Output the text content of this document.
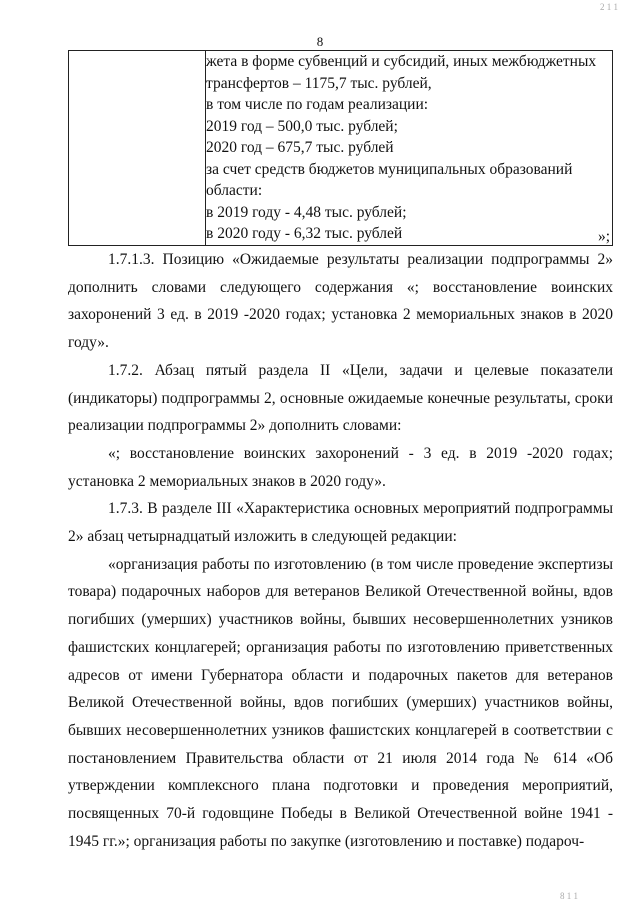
2 1 1
8

жета в форме субвенций и субсидий, иных межбюджетных
трансфертов – 1175,7 тыс. рублей,
в том числе по годам реализации:
2019 год – 500,0 тыс. рублей;
2020 год – 675,7 тыс. рублей
за счет средств бюджетов муниципальных образований
области:
в 2019 году - 4,48 тыс. рублей;
в 2020 году - 6,32 тыс. рублей	»;

1.7.1.3. Позицию «Ожидаемые результаты реализации подпрограммы 2» дополнить словами следующего содержания «; восстановление воинских захоронений 3 ед. в 2019 -2020 годах; установка 2 мемориальных знаков в 2020 году».

1.7.2. Абзац пятый раздела II «Цели, задачи и целевые показатели (индикаторы) подпрограммы 2, основные ожидаемые конечные результаты, сроки реализации подпрограммы 2» дополнить словами:

«; восстановление воинских захоронений - 3 ед. в 2019 -2020 годах; установка 2 мемориальных знаков в 2020 году».

1.7.3. В разделе III «Характеристика основных мероприятий подпрограммы 2» абзац четырнадцатый изложить в следующей редакции:

«организация работы по изготовлению (в том числе проведение экспертизы товара) подарочных наборов для ветеранов Великой Отечественной войны, вдов погибших (умерших) участников войны, бывших несовершеннолетних узников фашистских концлагерей; организация работы по изготовлению приветственных адресов от имени Губернатора области и подарочных пакетов для ветеранов Великой Отечественной войны, вдов погибших (умерших) участников войны, бывших несовершеннолетних узников фашистских концлагерей в соответствии с постановлением Правительства области от 21 июля 2014 года № 614 «Об утверждении комплексного плана подготовки и проведения мероприятий, посвященных 70-й годовщине Победы в Великой Отечественной войне 1941 - 1945 гг.»; организация работы по закупке (изготовлению и поставке) подароч-

8 1 1
